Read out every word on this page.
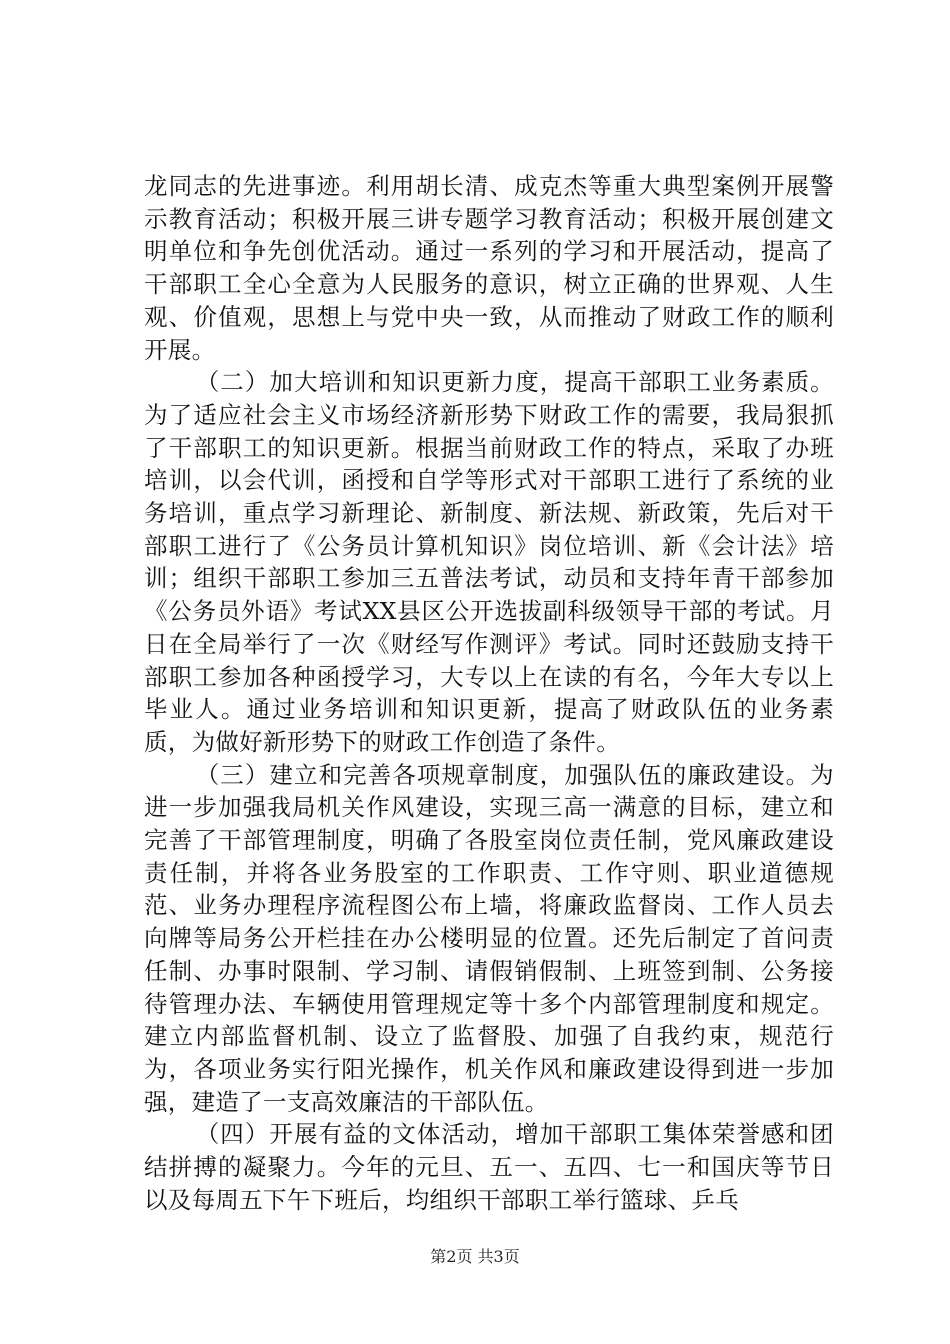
龙同志的先进事迹。利用胡长清、成克杰等重大典型案例开展警示教育活动；积极开展三讲专题学习教育活动；积极开展创建文明单位和争先创优活动。通过一系列的学习和开展活动，提高了干部职工全心全意为人民服务的意识，树立正确的世界观、人生观、价值观，思想上与党中央一致，从而推动了财政工作的顺利开展。

（二）加大培训和知识更新力度，提高干部职工业务素质。为了适应社会主义市场经济新形势下财政工作的需要，我局狠抓了干部职工的知识更新。根据当前财政工作的特点，采取了办班培训，以会代训，函授和自学等形式对干部职工进行了系统的业务培训，重点学习新理论、新制度、新法规、新政策，先后对干部职工进行了《公务员计算机知识》岗位培训、新《会计法》培训；组织干部职工参加三五普法考试，动员和支持年青干部参加《公务员外语》考试XX县区公开选拔副科级领导干部的考试。月日在全局举行了一次《财经写作测评》考试。同时还鼓励支持干部职工参加各种函授学习，大专以上在读的有名，今年大专以上毕业人。通过业务培训和知识更新，提高了财政队伍的业务素质，为做好新形势下的财政工作创造了条件。

（三）建立和完善各项规章制度，加强队伍的廉政建设。为进一步加强我局机关作风建设，实现三高一满意的目标，建立和完善了干部管理制度，明确了各股室岗位责任制，党风廉政建设责任制，并将各业务股室的工作职责、工作守则、职业道德规范、业务办理程序流程图公布上墙，将廉政监督岗、工作人员去向牌等局务公开栏挂在办公楼明显的位置。还先后制定了首问责任制、办事时限制、学习制、请假销假制、上班签到制、公务接待管理办法、车辆使用管理规定等十多个内部管理制度和规定。建立内部监督机制、设立了监督股、加强了自我约束，规范行为，各项业务实行阳光操作，机关作风和廉政建设得到进一步加强，建造了一支高效廉洁的干部队伍。

（四）开展有益的文体活动，增加干部职工集体荣誉感和团结拼搏的凝聚力。今年的元旦、五一、五四、七一和国庆等节日以及每周五下午下班后，均组织干部职工举行篮球、乒乓

第2页 共3页
